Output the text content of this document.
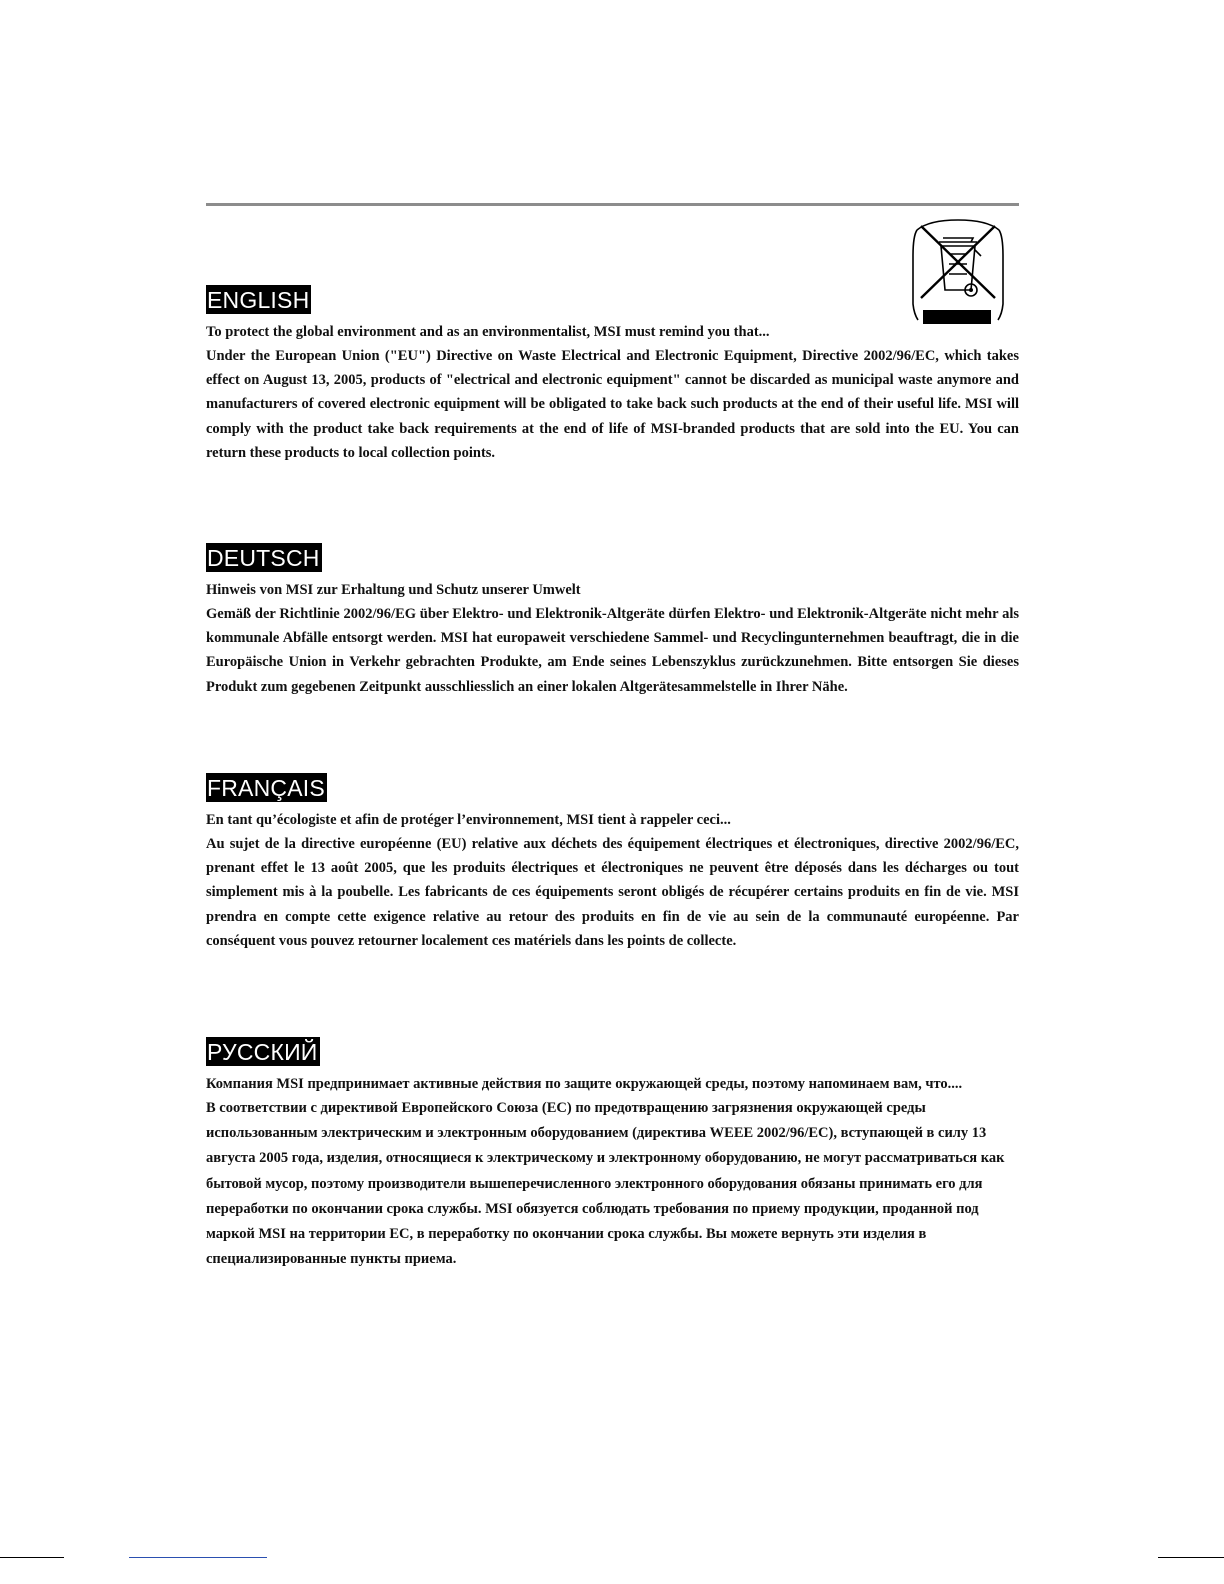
ENGLISH

To protect the global environment and as an environmentalist, MSI must remind you that...

Under the European Union ("EU") Directive on Waste Electrical and Electronic Equipment, Directive 2002/96/EC, which takes effect on August 13, 2005, products of "electrical and electronic equipment" cannot be discarded as municipal waste anymore and manufacturers of covered electronic equipment will be obligated to take back such products at the end of their useful life. MSI will comply with the product take back requirements at the end of life of MSI-branded products that are sold into the EU. You can return these products to local collection points.

DEUTSCH

Hinweis von MSI zur Erhaltung und Schutz unserer Umwelt

Gemäß der Richtlinie 2002/96/EG über Elektro- und Elektronik-Altgeräte dürfen Elektro- und Elektronik-Altgeräte nicht mehr als kommunale Abfälle entsorgt werden. MSI hat europaweit verschiedene Sammel- und Recyclingunternehmen beauftragt, die in die Europäische Union in Verkehr gebrachten Produkte, am Ende seines Lebenszyklus zurückzunehmen. Bitte entsorgen Sie dieses Produkt zum gegebenen Zeitpunkt ausschliesslich an einer lokalen Altgerätesammelstelle in Ihrer Nähe.

FRANÇAIS

En tant qu’écologiste et afin de protéger l’environnement, MSI tient à rappeler ceci...

Au sujet de la directive européenne (EU) relative aux déchets des équipement électriques et électroniques, directive 2002/96/EC, prenant effet le 13 août 2005, que les produits électriques et électroniques ne peuvent être déposés dans les décharges ou tout simplement mis à la poubelle. Les fabricants de ces équipements seront obligés de récupérer certains produits en fin de vie. MSI prendra en compte cette exigence relative au retour des produits en fin de vie au sein de la communauté européenne. Par conséquent vous pouvez retourner localement ces matériels dans les points de collecte.

РУССКИЙ

Компания MSI предпринимает активные действия по защите окружающей среды, поэтому напоминаем вам, что....

В соответствии с директивой Европейского Союза (ЕС) по предотвращению загрязнения окружающей среды использованным электрическим и электронным оборудованием (директива WEEE 2002/96/EC), вступающей в силу 13 августа 2005 года, изделия, относящиеся к электрическому и электронному оборудованию, не могут рассматриваться как бытовой мусор, поэтому производители вышеперечисленного электронного оборудования обязаны принимать его для переработки по окончании срока службы. MSI обязуется соблюдать требования по приему продукции, проданной под маркой MSI на территории ЕС, в переработку по окончании срока службы. Вы можете вернуть эти изделия в специализированные пункты приема.
